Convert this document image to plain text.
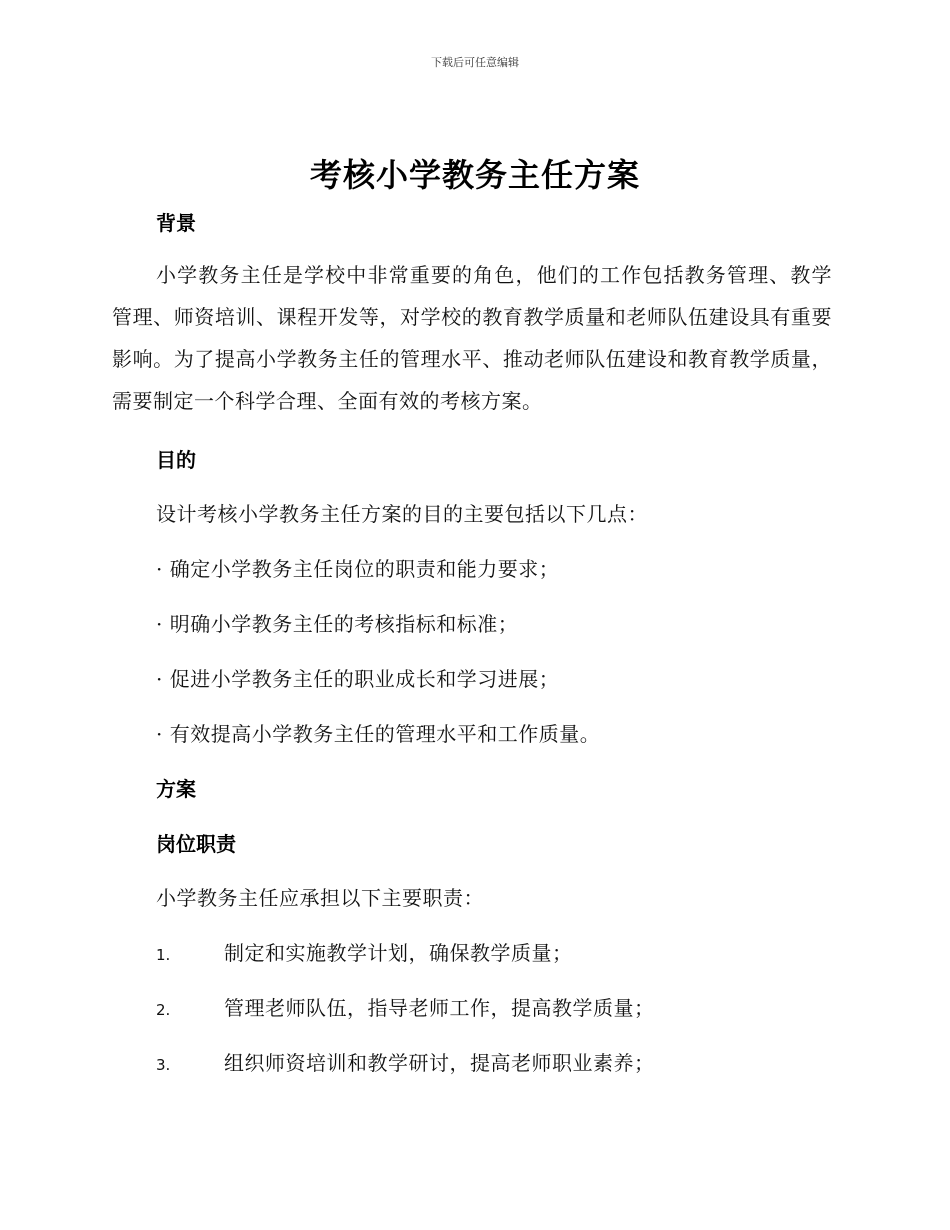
下载后可任意编辑
考核小学教务主任方案
背景
小学教务主任是学校中非常重要的角色，他们的工作包括教务管理、教学管理、师资培训、课程开发等，对学校的教育教学质量和老师队伍建设具有重要影响。为了提高小学教务主任的管理水平、推动老师队伍建设和教育教学质量，需要制定一个科学合理、全面有效的考核方案。
目的
设计考核小学教务主任方案的目的主要包括以下几点：
· 确定小学教务主任岗位的职责和能力要求；
· 明确小学教务主任的考核指标和标准；
· 促进小学教务主任的职业成长和学习进展；
· 有效提高小学教务主任的管理水平和工作质量。
方案
岗位职责
小学教务主任应承担以下主要职责：
1.	制定和实施教学计划，确保教学质量；
2.	管理老师队伍，指导老师工作，提高教学质量；
3.	组织师资培训和教学研讨，提高老师职业素养；
